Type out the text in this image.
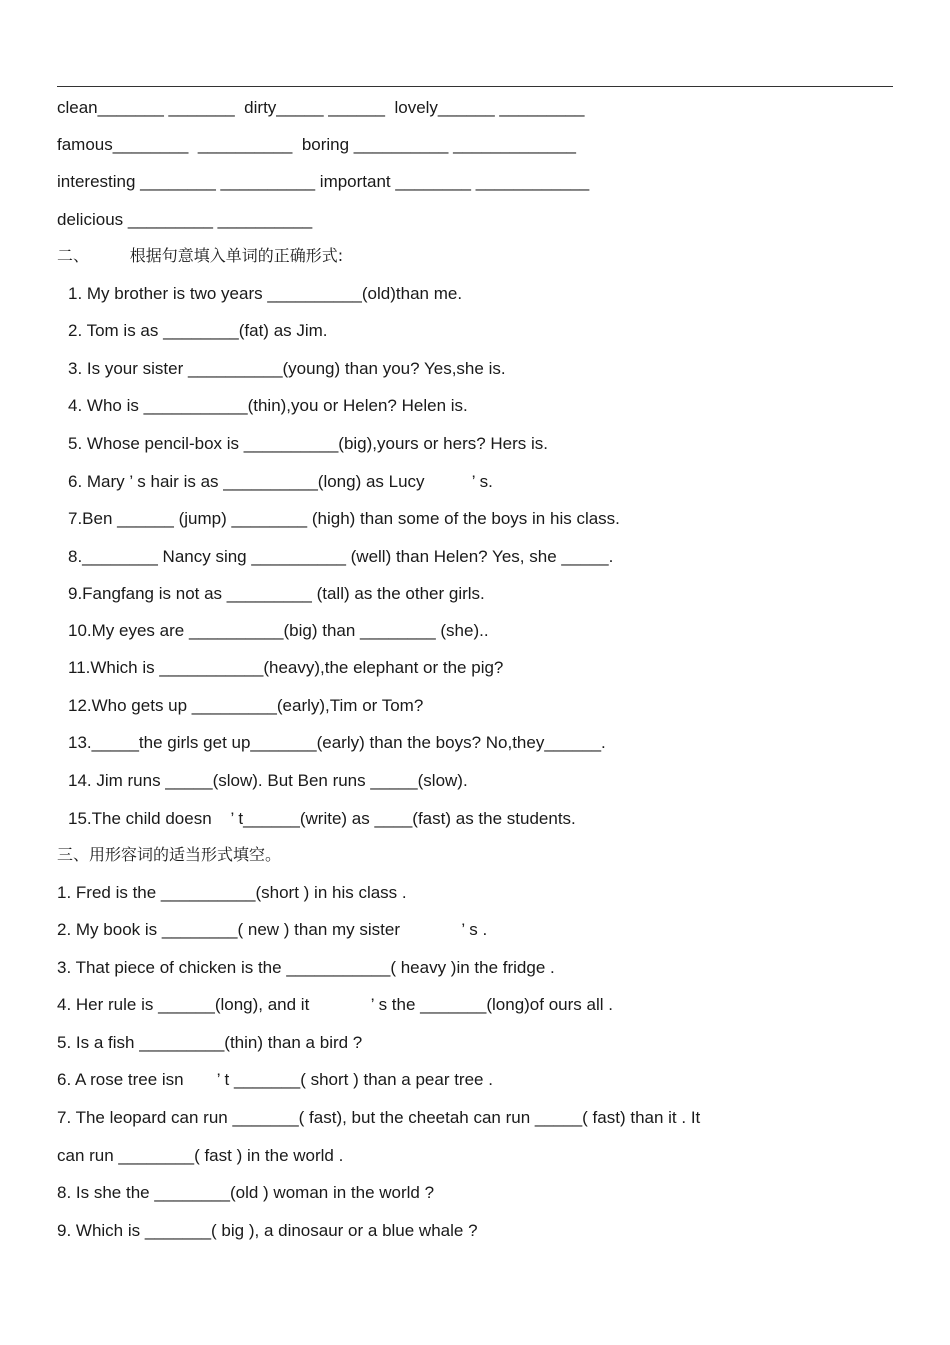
clean_______ _______  dirty_____ ______  lovely______ _________
famous________  __________  boring __________ _____________
interesting ________ __________ important ________ ____________
delicious _________ __________
二、        根据句意填入单词的正确形式:
1. My brother is two years __________(old)than me.
2. Tom is as ________(fat) as Jim.
3. Is your sister __________(young) than you? Yes,she is.
4. Who is ___________(thin),you or Helen? Helen is.
5. Whose pencil-box is __________(big),yours or hers? Hers is.
6. Mary ’ s hair is as __________(long) as Lucy          ’ s.
7.Ben ______ (jump) ________ (high) than some of the boys in his class.
8.________ Nancy sing __________ (well) than Helen? Yes, she _____.
9.Fangfang is not as _________ (tall) as the other girls.
10.My eyes are __________(big) than ________ (she)..
11.Which is ___________(heavy),the elephant or the pig?
12.Who gets up _________(early),Tim or Tom?
13._____the girls get up_______(early) than the boys? No,they______.
14. Jim runs _____(slow). But Ben runs _____(slow).
15.The child doesn    ’ t______(write) as ____(fast) as the students.
三、用形容词的适当形式填空。
1. Fred is the __________(short ) in his class .
2. My book is ________( new ) than my sister             ’ s .
3. That piece of chicken is the ___________( heavy )in the fridge .
4. Her rule is ______(long), and it             ’ s the _______(long)of ours all .
5. Is a fish _________(thin) than a bird ?
6. A rose tree isn       ’ t _______( short ) than a pear tree .
7. The leopard can run _______( fast), but the cheetah can run _____( fast) than it . It
can run ________( fast ) in the world .
8. Is she the ________(old ) woman in the world ?
9. Which is _______( big ), a dinosaur or a blue whale ?
